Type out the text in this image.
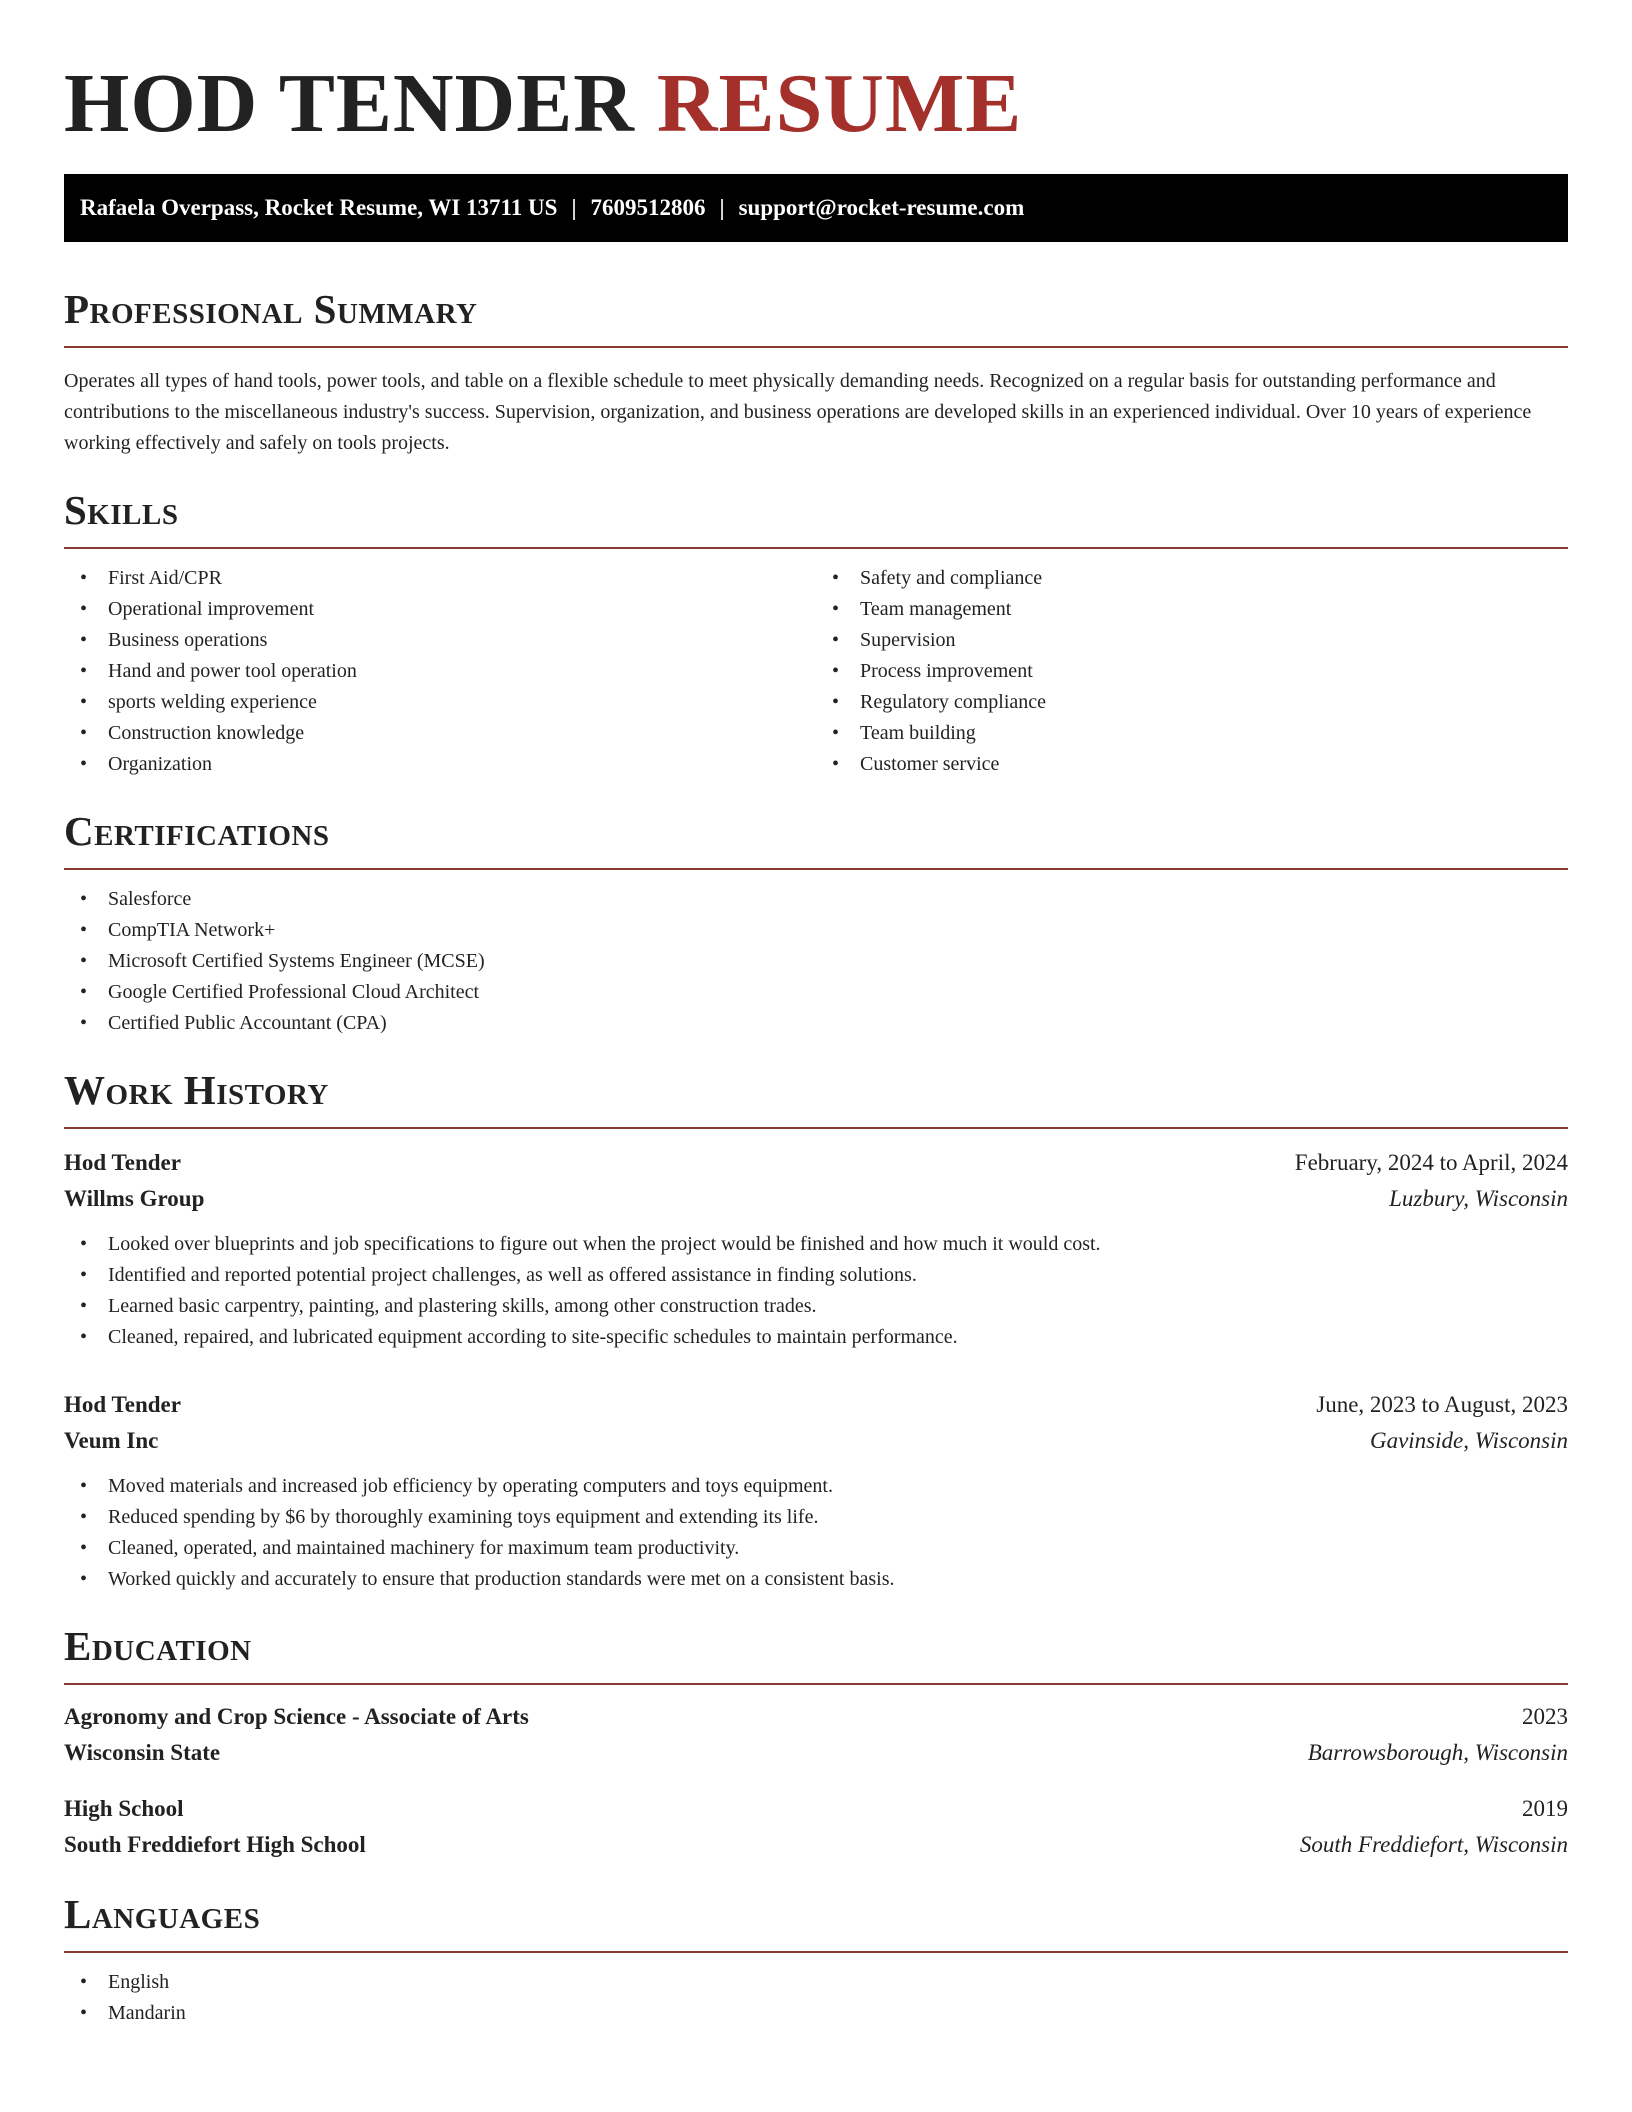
HOD TENDER RESUME
Rafaela Overpass, Rocket Resume, WI 13711 US | 7609512806 | support@rocket-resume.com
Professional Summary

Operates all types of hand tools, power tools, and table on a flexible schedule to meet physically demanding needs. Recognized on a regular basis for outstanding performance and contributions to the miscellaneous industry's success. Supervision, organization, and business operations are developed skills in an experienced individual. Over 10 years of experience working effectively and safely on tools projects.

Skills
• First Aid/CPR
• Operational improvement
• Business operations
• Hand and power tool operation
• sports welding experience
• Construction knowledge
• Organization
• Safety and compliance
• Team management
• Supervision
• Process improvement
• Regulatory compliance
• Team building
• Customer service
Certifications
• Salesforce
• CompTIA Network+
• Microsoft Certified Systems Engineer (MCSE)
• Google Certified Professional Cloud Architect
• Certified Public Accountant (CPA)
Work History
Hod Tender	February, 2024 to April, 2024
Willms Group	Luzbury, Wisconsin
• Looked over blueprints and job specifications to figure out when the project would be finished and how much it would cost.
• Identified and reported potential project challenges, as well as offered assistance in finding solutions.
• Learned basic carpentry, painting, and plastering skills, among other construction trades.
• Cleaned, repaired, and lubricated equipment according to site-specific schedules to maintain performance.
Hod Tender	June, 2023 to August, 2023
Veum Inc	Gavinside, Wisconsin
• Moved materials and increased job efficiency by operating computers and toys equipment.
• Reduced spending by $6 by thoroughly examining toys equipment and extending its life.
• Cleaned, operated, and maintained machinery for maximum team productivity.
• Worked quickly and accurately to ensure that production standards were met on a consistent basis.
Education
Agronomy and Crop Science - Associate of Arts	2023
Wisconsin State	Barrowsborough, Wisconsin
High School	2019
South Freddiefort High School	South Freddiefort, Wisconsin
Languages
• English
• Mandarin
